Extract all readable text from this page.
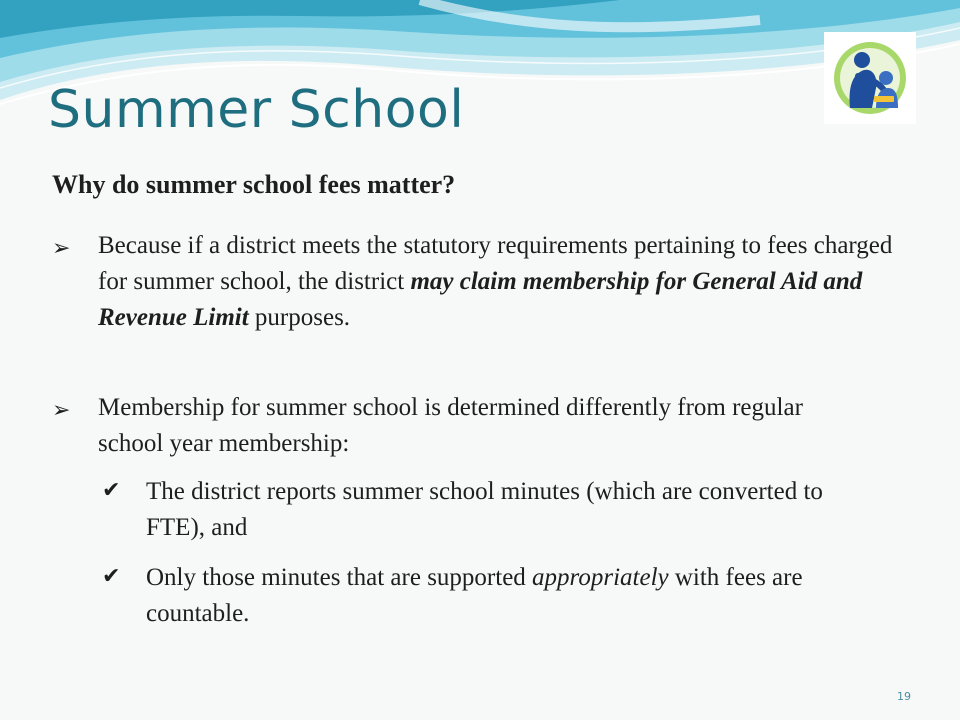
Summer School
Why do summer school fees matter?
➢ Because if a district meets the statutory requirements pertaining to fees charged for summer school, the district may claim membership for General Aid and Revenue Limit purposes.
➢ Membership for summer school is determined differently from regular school year membership:
✔ The district reports summer school minutes (which are converted to FTE), and
✔ Only those minutes that are supported appropriately with fees are countable.
19
